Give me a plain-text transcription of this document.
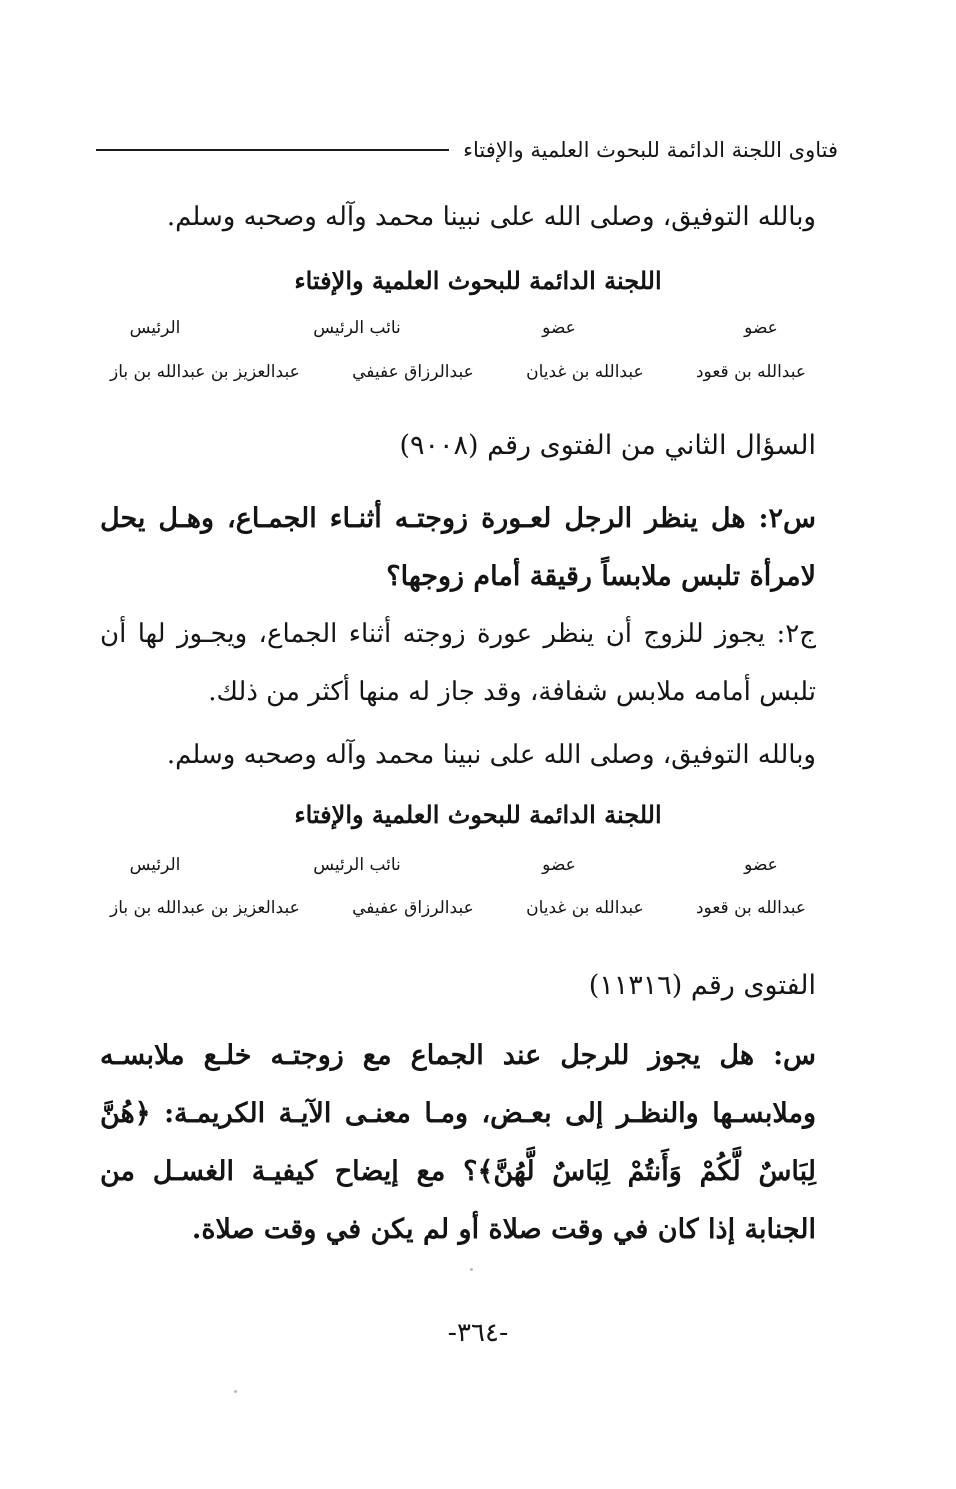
فتاوى اللجنة الدائمة للبحوث العلمية والإفتاء
وبالله التوفيق، وصلى الله على نبينا محمد وآله وصحبه وسلم.
اللجنة الدائمة للبحوث العلمية والإفتاء
عضو
عضو
نائب الرئيس
الرئيس
عبدالله بن قعود
عبدالله بن غديان
عبدالرزاق عفيفي
عبدالعزيز بن عبدالله بن باز
السؤال الثاني من الفتوى رقم (٩٠٠٨)
س٢: هل ينظر الرجل لعـورة زوجتـه أثنـاء الجمـاع، وهـل يحل لامرأة تلبس ملابساً رقيقة أمام زوجها؟
ج٢: يجوز للزوج أن ينظر عورة زوجته أثناء الجماع، ويجـوز لها أن تلبس أمامه ملابس شفافة، وقد جاز له منها أكثر من ذلك.
وبالله التوفيق، وصلى الله على نبينا محمد وآله وصحبه وسلم.
اللجنة الدائمة للبحوث العلمية والإفتاء
عضو
عضو
نائب الرئيس
الرئيس
عبدالله بن قعود
عبدالله بن غديان
عبدالرزاق عفيفي
عبدالعزيز بن عبدالله بن باز
الفتوى رقم (١١٣١٦)
س: هل يجوز للرجل عند الجماع مع زوجتـه خلـع ملابسـه وملابسـها والنظـر إلى بعـض، ومـا معنـى الآيـة الكريمـة: ﴿هُنَّ لِبَاسٌ لَّكُمْ وَأَنتُمْ لِبَاسٌ لَّهُنَّ﴾؟ مع إيضاح كيفيـة الغسـل من الجنابة إذا كان في وقت صلاة أو لم يكن في وقت صلاة.
-٣٦٤-
